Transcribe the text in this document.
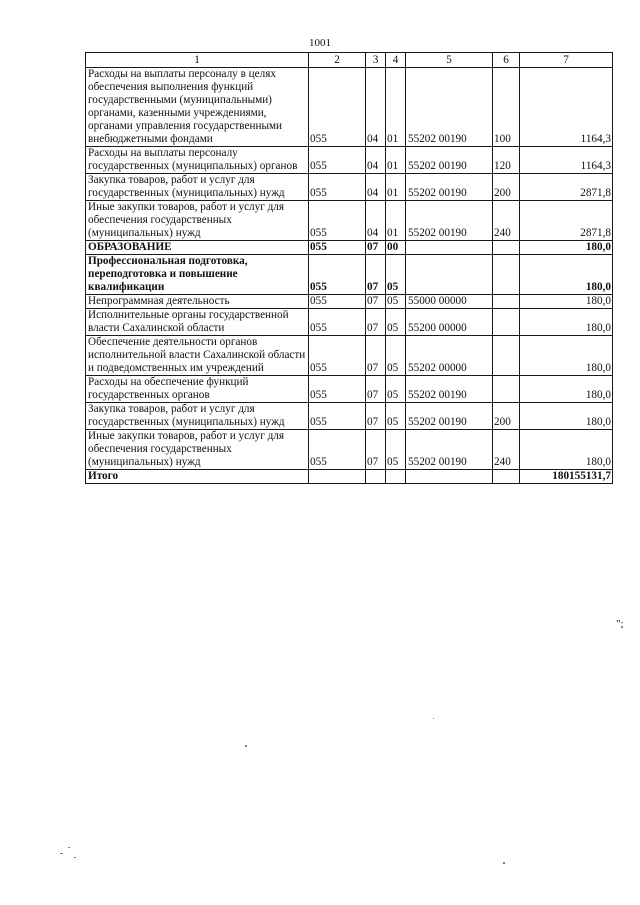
1001
1	2	3	4	5	6	7
Расходы на выплаты персоналу в целях обеспечения выполнения функций государственными (муниципальными) органами, казенными учреждениями, органами управления государственными внебюджетными фондами	055	04	01	55202 00190	100	1164,3
Расходы на выплаты персоналу государственных (муниципальных) органов	055	04	01	55202 00190	120	1164,3
Закупка товаров, работ и услуг для государственных (муниципальных) нужд	055	04	01	55202 00190	200	2871,8
Иные закупки товаров, работ и услуг для обеспечения государственных (муниципальных) нужд	055	04	01	55202 00190	240	2871,8
ОБРАЗОВАНИЕ	055	07	00			180,0
Профессиональная подготовка, переподготовка и повышение квалификации	055	07	05			180,0
Непрограммная деятельность	055	07	05	55000 00000		180,0
Исполнительные органы государственной власти Сахалинской области	055	07	05	55200 00000		180,0
Обеспечение деятельности органов исполнительной власти Сахалинской области и подведомственных им учреждений	055	07	05	55202 00000		180,0
Расходы на обеспечение функций государственных органов	055	07	05	55202 00190		180,0
Закупка товаров, работ и услуг для государственных (муниципальных) нужд	055	07	05	55202 00190	200	180,0
Иные закупки товаров, работ и услуг для обеспечения государственных (муниципальных) нужд	055	07	05	55202 00190	240	180,0
Итого						180155131,7
";
